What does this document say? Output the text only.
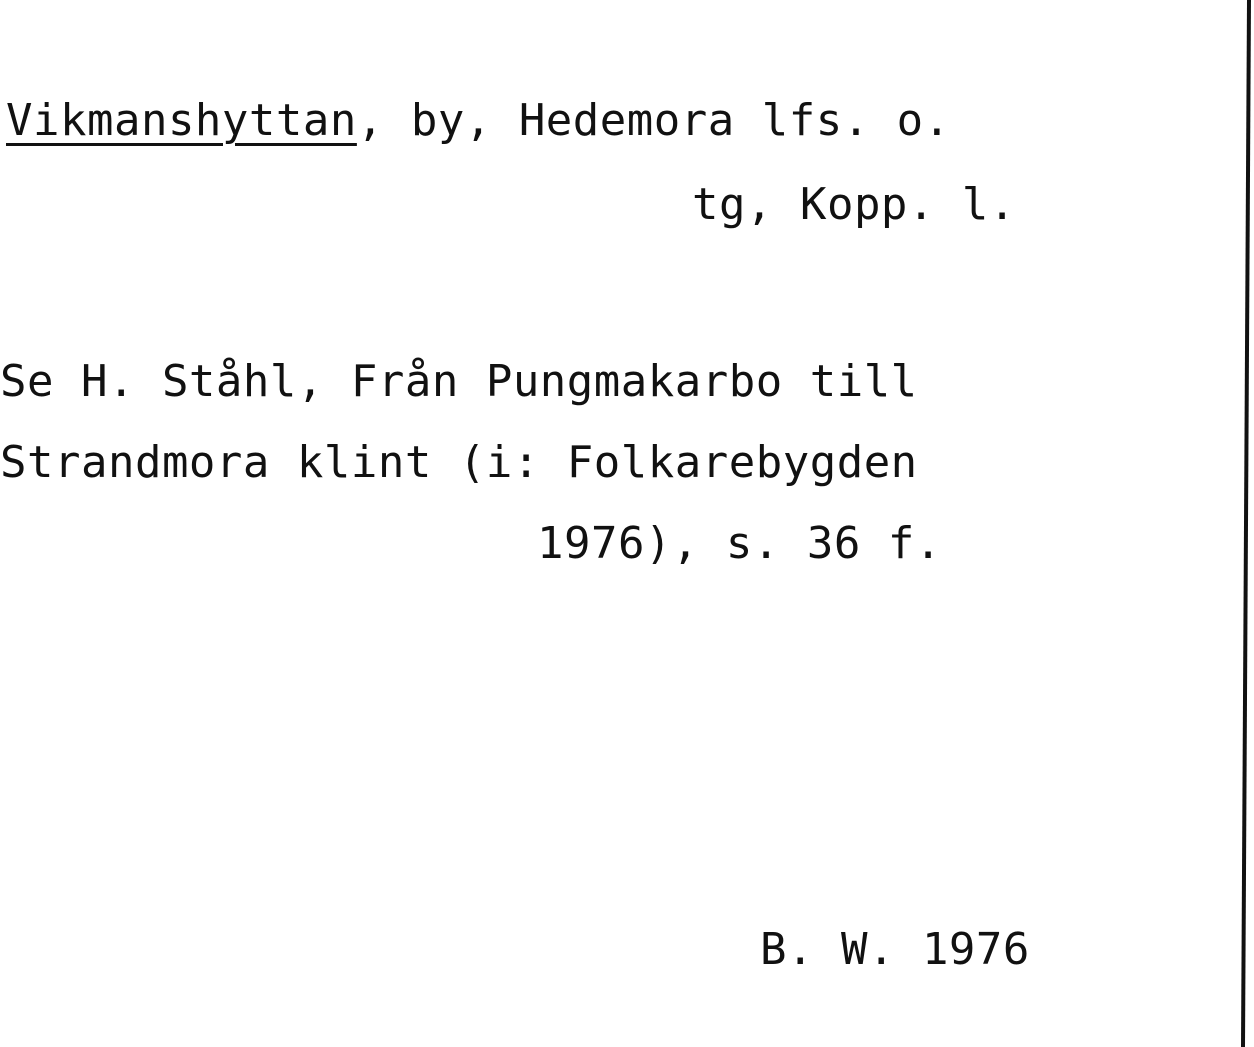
Vikmanshyttan, by, Hedemora lfs. o.
tg, Kopp. l.
Se H. Ståhl, Från Pungmakarbo till
Strandmora klint (i: Folkarebygden
1976), s. 36 f.
B. W. 1976
